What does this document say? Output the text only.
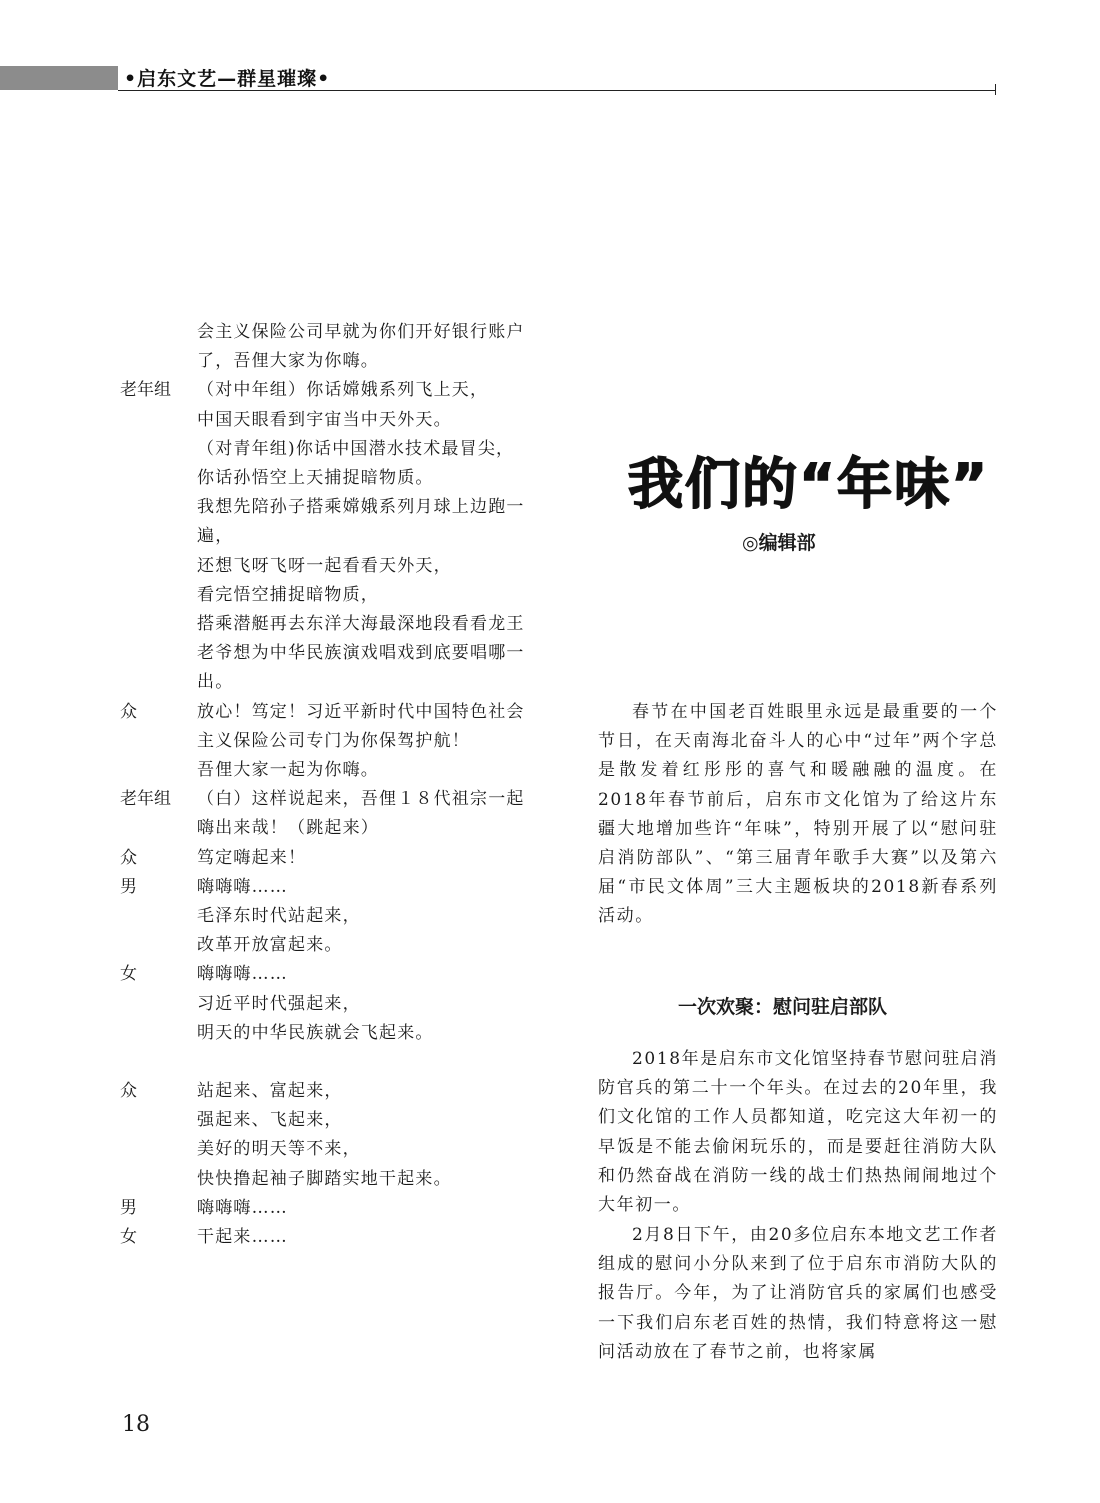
•启东文艺—群星璀璨•
会主义保险公司早就为你们开好银行账户了，吾俚大家为你嗨。
老年组 （对中年组）你话嫦娥系列飞上天，
中国天眼看到宇宙当中天外天。
（对青年组)你话中国潜水技术最冒尖，
你话孙悟空上天捕捉暗物质。
我想先陪孙子搭乘嫦娥系列月球上边跑一遍，
还想飞呀飞呀一起看看天外天，
看完悟空捕捉暗物质，
搭乘潜艇再去东洋大海最深地段看看龙王老爷想为中华民族演戏唱戏到底要唱哪一出。
众	放心！笃定！习近平新时代中国特色社会主义保险公司专门为你保驾护航！
吾俚大家一起为你嗨。
老年组 （白）这样说起来，吾俚１８代祖宗一起嗨出来哉！（跳起来）
众	笃定嗨起来！
男	嗨嗨嗨……
毛泽东时代站起来，
改革开放富起来。
女	嗨嗨嗨……
习近平时代强起来，
明天的中华民族就会飞起来。
众	站起来、富起来，
强起来、飞起来，
美好的明天等不来，
快快撸起袖子脚踏实地干起来。
男	嗨嗨嗨……
女	干起来……
我们的“年味”
◎编辑部

春节在中国老百姓眼里永远是最重要的一个节日，在天南海北奋斗人的心中“过年”两个字总是散发着红彤彤的喜气和暖融融的温度。在2018年春节前后，启东市文化馆为了给这片东疆大地增加些许“年味”，特别开展了以“慰问驻启消防部队”、“第三届青年歌手大赛”以及第六届“市民文体周”三大主题板块的2018新春系列活动。

一次欢聚：慰问驻启部队

2018年是启东市文化馆坚持春节慰问驻启消防官兵的第二十一个年头。在过去的20年里，我们文化馆的工作人员都知道，吃完这大年初一的早饭是不能去偷闲玩乐的，而是要赶往消防大队和仍然奋战在消防一线的战士们热热闹闹地过个大年初一。

2月8日下午，由20多位启东本地文艺工作者组成的慰问小分队来到了位于启东市消防大队的报告厅。今年，为了让消防官兵的家属们也感受一下我们启东老百姓的热情，我们特意将这一慰问活动放在了春节之前，也将家属

18
